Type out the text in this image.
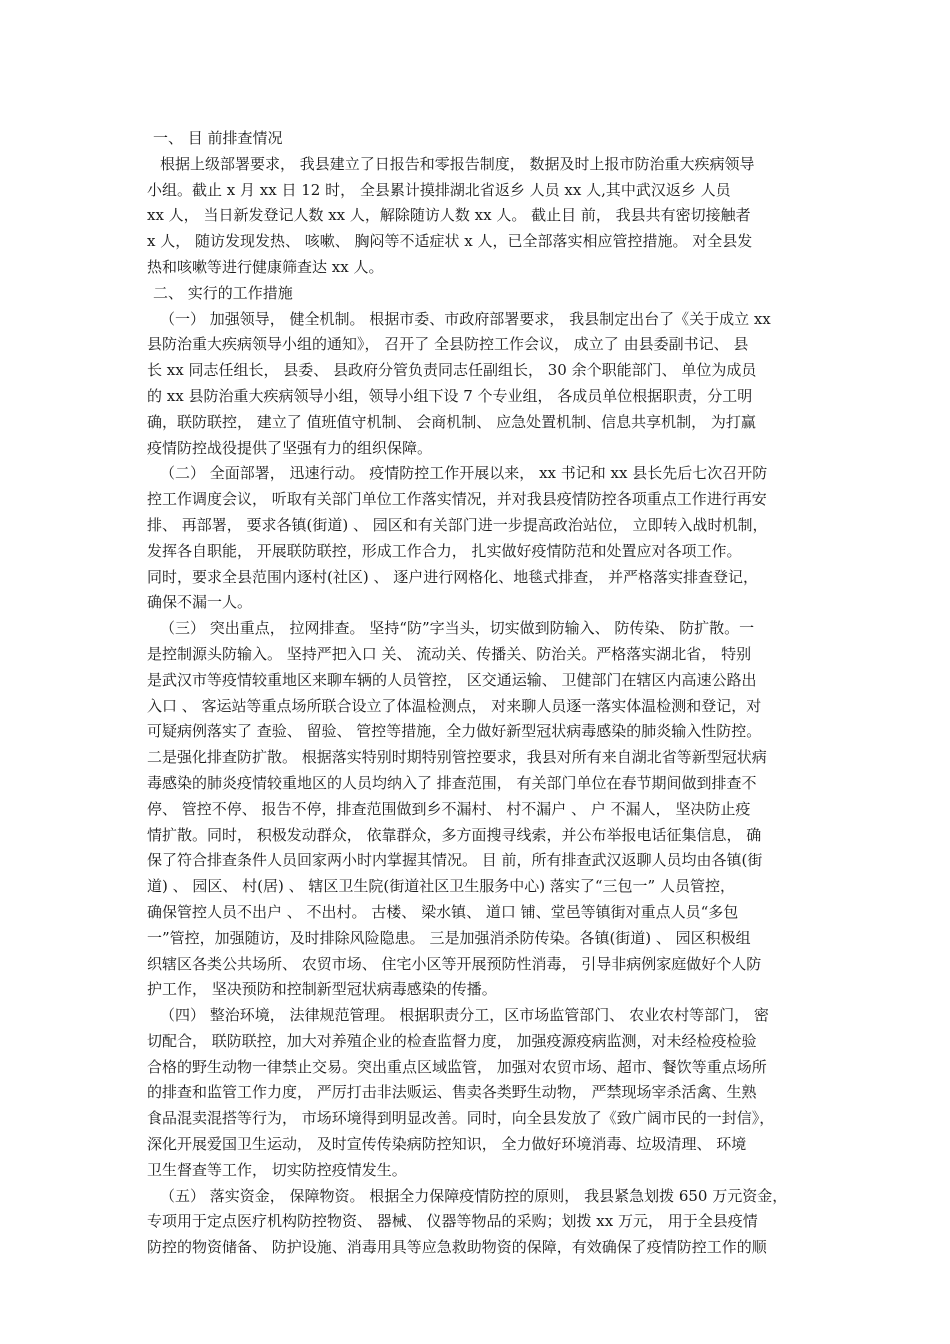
一、 目 前排查情况

根据上级部署要求， 我县建立了日报告和零报告制度， 数据及时上报市防治重大疾病领导
小组。截止 x 月 xx 日 12 时， 全县累计摸排湖北省返乡 人员 xx 人,其中武汉返乡 人员
xx 人， 当日新发登记人数 xx 人，解除随访人数 xx 人。 截止目 前， 我县共有密切接触者
x 人， 随访发现发热、 咳嗽、 胸闷等不适症状 x 人，已全部落实相应管控措施。 对全县发
热和咳嗽等进行健康筛查达 xx 人。

二、 实行的工作措施

（一） 加强领导， 健全机制。 根据市委、市政府部署要求， 我县制定出台了《关于成立 xx
县防治重大疾病领导小组的通知》， 召开了 全县防控工作会议， 成立了 由县委副书记、 县
长 xx 同志任组长， 县委、 县政府分管负责同志任副组长， 30 余个职能部门、 单位为成员
的 xx 县防治重大疾病领导小组，领导小组下设 7 个专业组， 各成员单位根据职责，分工明
确，联防联控， 建立了 值班值守机制、 会商机制、 应急处置机制、信息共享机制， 为打赢
疫情防控战役提供了坚强有力的组织保障。
（二） 全面部署， 迅速行动。 疫情防控工作开展以来， xx 书记和 xx 县长先后七次召开防
控工作调度会议， 听取有关部门单位工作落实情况，并对我县疫情防控各项重点工作进行再安
排、 再部署， 要求各镇(街道) 、 园区和有关部门进一步提高政治站位， 立即转入战时机制，
发挥各自职能， 开展联防联控，形成工作合力， 扎实做好疫情防范和处置应对各项工作。
同时，要求全县范围内逐村(社区) 、 逐户进行网格化、地毯式排查， 并严格落实排查登记，
确保不漏一人。
（三） 突出重点， 拉网排查。 坚持“防”字当头，切实做到防输入、 防传染、 防扩散。一
是控制源头防输入。 坚持严把入口 关、 流动关、传播关、防治关。严格落实湖北省， 特别
是武汉市等疫情较重地区来聊车辆的人员管控， 区交通运输、 卫健部门在辖区内高速公路出
入口 、 客运站等重点场所联合设立了体温检测点， 对来聊人员逐一落实体温检测和登记，对
可疑病例落实了 查验、 留验、 管控等措施，全力做好新型冠状病毒感染的肺炎输入性防控。
二是强化排查防扩散。 根据落实特别时期特别管控要求，我县对所有来自湖北省等新型冠状病
毒感染的肺炎疫情较重地区的人员均纳入了 排查范围， 有关部门单位在春节期间做到排查不
停、 管控不停、 报告不停，排查范围做到乡不漏村、 村不漏户 、 户 不漏人， 坚决防止疫
情扩散。同时， 积极发动群众， 依靠群众，多方面搜寻线索，并公布举报电话征集信息， 确
保了符合排查条件人员回家两小时内掌握其情况。 目 前，所有排查武汉返聊人员均由各镇(街
道) 、 园区、 村(居) 、 辖区卫生院(街道社区卫生服务中心) 落实了“三包一” 人员管控，
确保管控人员不出户 、 不出村。 古楼、 梁水镇、 道口 铺、堂邑等镇街对重点人员“多包
一”管控，加强随访，及时排除风险隐患。 三是加强消杀防传染。各镇(街道) 、 园区积极组
织辖区各类公共场所、 农贸市场、 住宅小区等开展预防性消毒， 引导非病例家庭做好个人防
护工作， 坚决预防和控制新型冠状病毒感染的传播。
（四） 整治环境， 法律规范管理。 根据职责分工，区市场监管部门、 农业农村等部门， 密
切配合， 联防联控，加大对养殖企业的检查监督力度， 加强疫源疫病监测，对未经检疫检验
合格的野生动物一律禁止交易。突出重点区域监管， 加强对农贸市场、超市、餐饮等重点场所
的排查和监管工作力度， 严厉打击非法贩运、售卖各类野生动物， 严禁现场宰杀活禽、生熟
食品混卖混搭等行为， 市场环境得到明显改善。同时，向全县发放了《致广阔市民的一封信》，
深化开展爱国卫生运动， 及时宣传传染病防控知识， 全力做好环境消毒、垃圾清理、 环境
卫生督查等工作， 切实防控疫情发生。
（五） 落实资金， 保障物资。 根据全力保障疫情防控的原则， 我县紧急划拨 650 万元资金，
专项用于定点医疗机构防控物资、 器械、 仪器等物品的采购；划拨 xx 万元， 用于全县疫情
防控的物资储备、 防护设施、消毒用具等应急救助物资的保障，有效确保了疫情防控工作的顺
